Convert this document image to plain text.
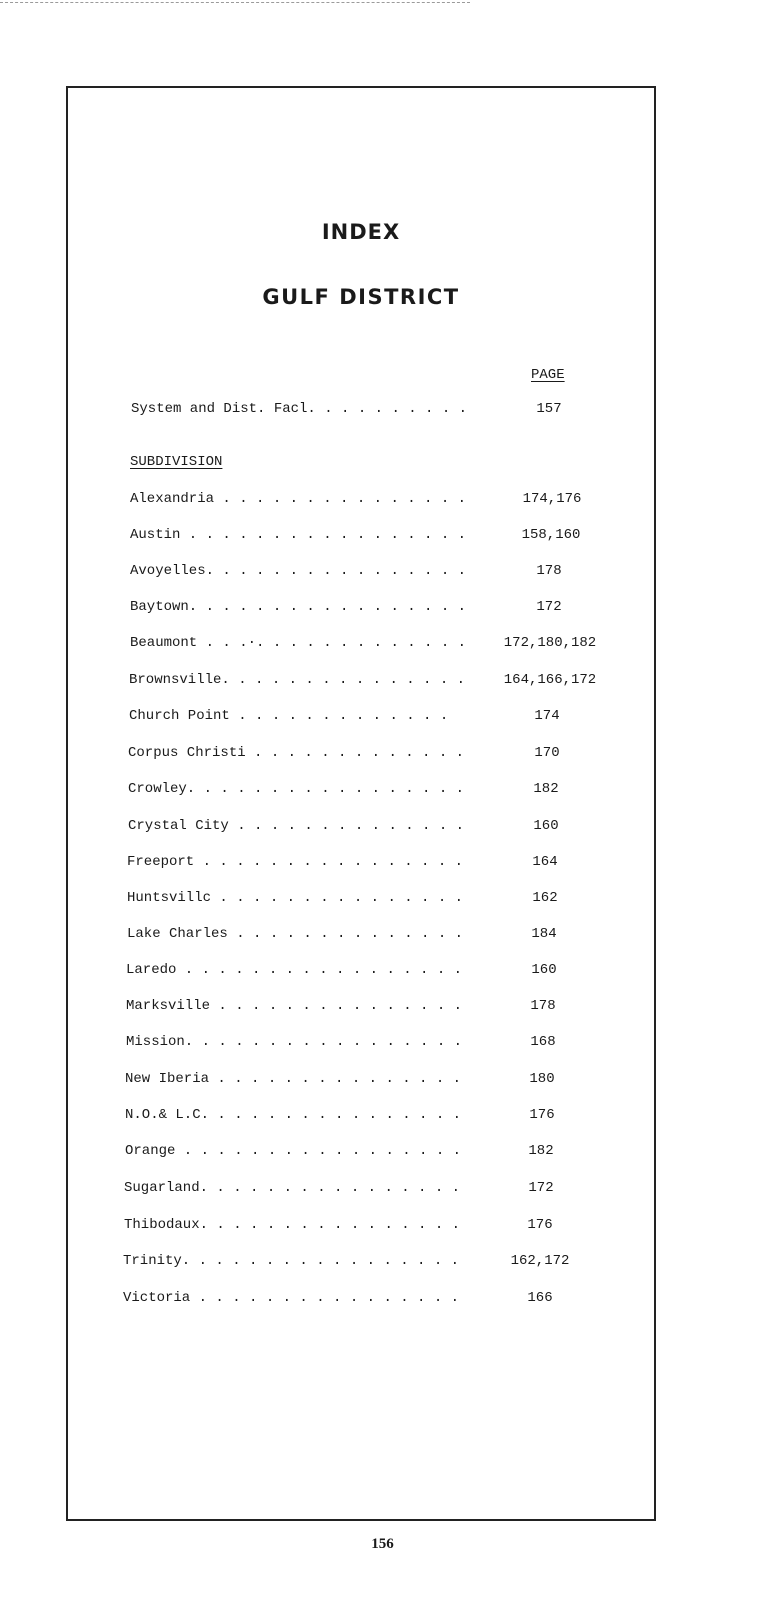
INDEX
GULF DISTRICT
PAGE
System and Dist. Facl. . . . . . . . . .	157
SUBDIVISION
Alexandria . . . . . . . . . . . . . . .	174,176
Austin . . . . . . . . . . . . . . . . .	158,160
Avoyelles. . . . . . . . . . . . . . . .	178
Baytown. . . . . . . . . . . . . . . . .	172
Beaumont . . .·. . . . . . . . . . . . .	172,180,182
Brownsville. . . . . . . . . . . . . . .	164,166,172
Church Point . . . . . . . . . . . . .	174
Corpus Christi . . . . . . . . . . . . .	170
Crowley. . . . . . . . . . . . . . . . .	182
Crystal City . . . . . . . . . . . . . .	160
Freeport . . . . . . . . . . . . . . . .	164
Huntsvillc . . . . . . . . . . . . . . .	162
Lake Charles . . . . . . . . . . . . . .	184
Laredo . . . . . . . . . . . . . . . . .	160
Marksville . . . . . . . . . . . . . . .	178
Mission. . . . . . . . . . . . . . . . .	168
New Iberia . . . . . . . . . . . . . . .	180
N.O.& L.C. . . . . . . . . . . . . . . .	176
Orange . . . . . . . . . . . . . . . . .	182
Sugarland. . . . . . . . . . . . . . . .	172
Thibodaux. . . . . . . . . . . . . . . .	176
Trinity. . . . . . . . . . . . . . . . .	162,172
Victoria . . . . . . . . . . . . . . . .	166
156
